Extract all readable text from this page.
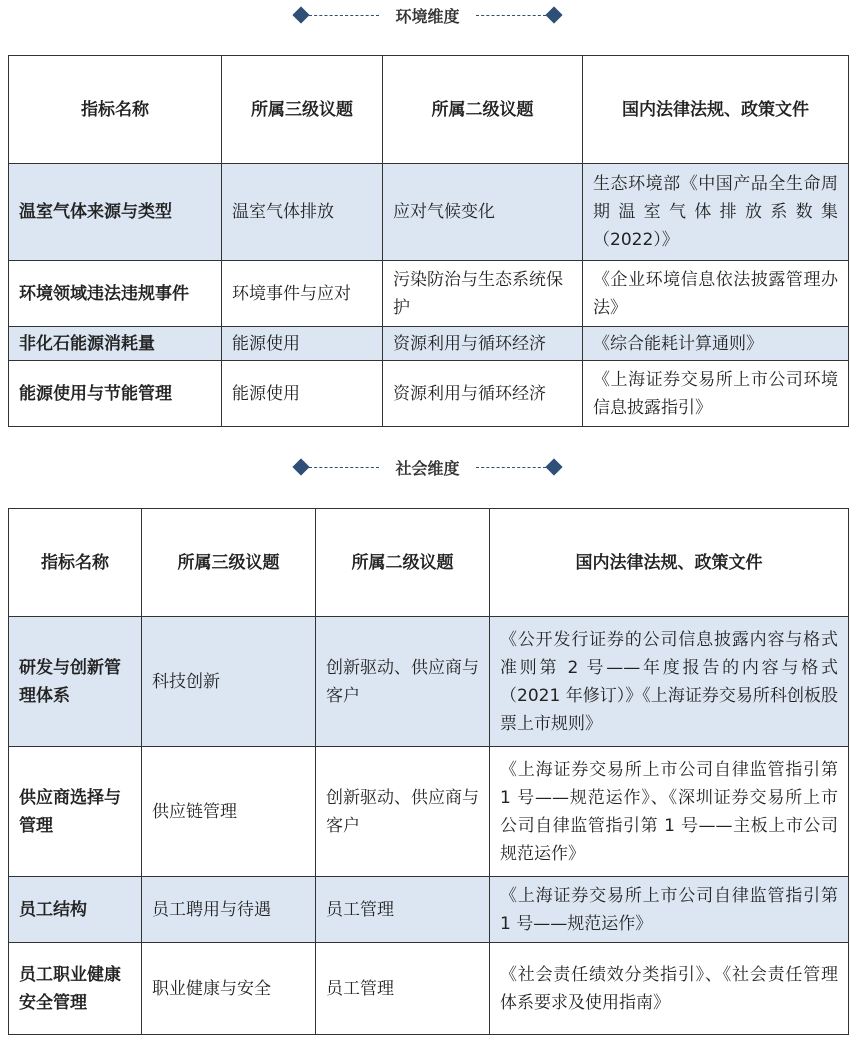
环境维度
指标名称	所属三级议题	所属二级议题	国内法律法规、政策文件
温室气体来源与类型	温室气体排放	应对气候变化	生态环境部《中国产品全生命周期温室气体排放系数集（2022）》
环境领域违法违规事件	环境事件与应对	污染防治与生态系统保护	《企业环境信息依法披露管理办法》
非化石能源消耗量	能源使用	资源利用与循环经济	《综合能耗计算通则》
能源使用与节能管理	能源使用	资源利用与循环经济	《上海证券交易所上市公司环境信息披露指引》
社会维度
指标名称	所属三级议题	所属二级议题	国内法律法规、政策文件
研发与创新管理体系	科技创新	创新驱动、供应商与客户	《公开发行证券的公司信息披露内容与格式准则第 2 号——年度报告的内容与格式（2021 年修订）》《上海证券交易所科创板股票上市规则》
供应商选择与管理	供应链管理	创新驱动、供应商与客户	《上海证券交易所上市公司自律监管指引第 1 号——规范运作》、《深圳证券交易所上市公司自律监管指引第 1 号——主板上市公司规范运作》
员工结构	员工聘用与待遇	员工管理	《上海证券交易所上市公司自律监管指引第 1 号——规范运作》
员工职业健康安全管理	职业健康与安全	员工管理	《社会责任绩效分类指引》、《社会责任管理体系要求及使用指南》
